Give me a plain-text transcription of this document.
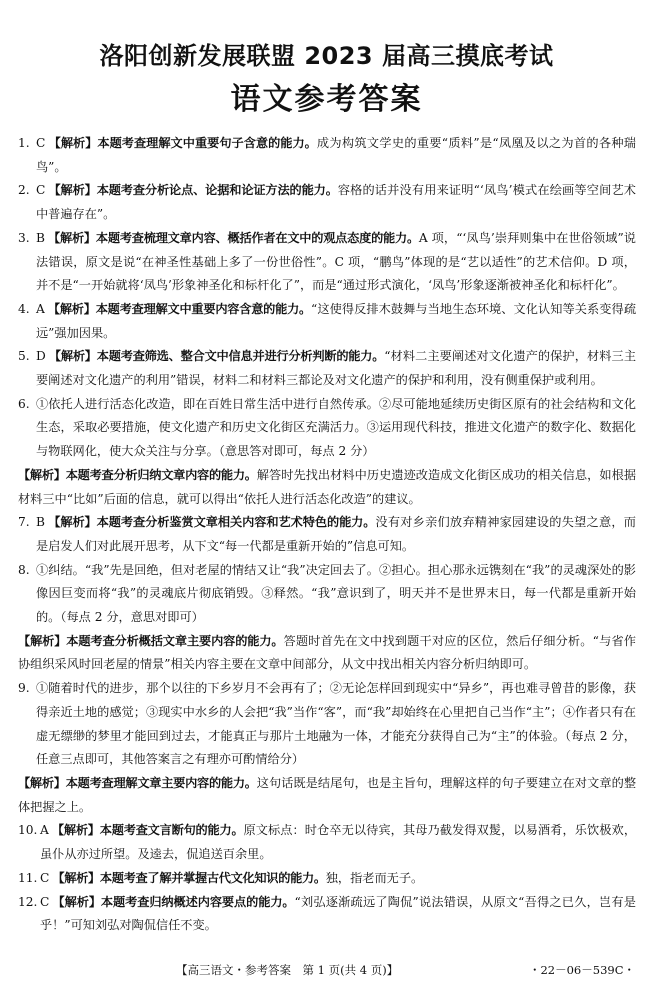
洛阳创新发展联盟 2023 届高三摸底考试
语文参考答案
1. C 【解析】本题考查理解文中重要句子含意的能力。成为构筑文学史的重要“质料”是“凤凰及以之为首的各种瑞鸟”。
2. C 【解析】本题考查分析论点、论据和论证方法的能力。容格的话并没有用来证明“‘凤鸟’模式在绘画等空间艺术中普遍存在”。
3. B 【解析】本题考查梳理文章内容、概括作者在文中的观点态度的能力。A 项，“‘凤鸟’崇拜则集中在世俗领域”说法错误，原文是说“在神圣性基础上多了一份世俗性”。C 项，“鹏鸟”体现的是“艺以适性”的艺术信仰。D 项，并不是“一开始就将‘凤鸟’形象神圣化和标杆化了”，而是“通过形式演化，‘凤鸟’形象逐渐被神圣化和标杆化”。
4. A 【解析】本题考查理解文中重要内容含意的能力。“这使得反排木鼓舞与当地生态环境、文化认知等关系变得疏远”强加因果。
5. D 【解析】本题考查筛选、整合文中信息并进行分析判断的能力。“材料二主要阐述对文化遗产的保护，材料三主要阐述对文化遗产的利用”错误，材料二和材料三都论及对文化遗产的保护和利用，没有侧重保护或利用。
6. ①依托人进行活态化改造，即在百姓日常生活中进行自然传承。②尽可能地延续历史街区原有的社会结构和文化生态，采取必要措施，使文化遗产和历史文化街区充满活力。③运用现代科技，推进文化遗产的数字化、数据化与物联网化，使大众关注与分享。（意思答对即可，每点 2 分）
【解析】本题考查分析归纳文章内容的能力。解答时先找出材料中历史遗迹改造成文化街区成功的相关信息，如根据材料三中“比如”后面的信息，就可以得出“依托人进行活态化改造”的建议。
7. B 【解析】本题考查分析鉴赏文章相关内容和艺术特色的能力。没有对乡亲们放弃精神家园建设的失望之意，而是启发人们对此展开思考，从下文“每一代都是重新开始的”信息可知。
8. ①纠结。“我”先是回绝，但对老屋的情结又让“我”决定回去了。②担心。担心那永远镌刻在“我”的灵魂深处的影像因巨变而将“我”的灵魂底片彻底销毁。③释然。“我”意识到了，明天并不是世界末日，每一代都是重新开始的。（每点 2 分，意思对即可）
【解析】本题考查分析概括文章主要内容的能力。答题时首先在文中找到题干对应的区位，然后仔细分析。“与省作协组织采风时回老屋的情景”相关内容主要在文章中间部分，从文中找出相关内容分析归纳即可。
9. ①随着时代的进步，那个以往的下乡岁月不会再有了；②无论怎样回到现实中“异乡”，再也难寻曾昔的影像，获得亲近土地的感觉；③现实中水乡的人会把“我”当作“客”，而“我”却始终在心里把自己当作“主”；④作者只有在虚无缥缈的梦里才能回到过去，才能真正与那片土地融为一体，才能充分获得自己为“主”的体验。（每点 2 分，任意三点即可，其他答案言之有理亦可酌情给分）
【解析】本题考查理解文章主要内容的能力。这句话既是结尾句，也是主旨句，理解这样的句子要建立在对文章的整体把握之上。
10. A 【解析】本题考查文言断句的能力。原文标点：时仓卒无以待宾，其母乃截发得双髲，以易酒肴，乐饮极欢，虽仆从亦过所望。及逵去，侃追送百余里。
11. C 【解析】本题考查了解并掌握古代文化知识的能力。独，指老而无子。
12. C 【解析】本题考查归纳概述内容要点的能力。“刘弘逐渐疏远了陶侃”说法错误，从原文“吾得之已久，岂有是乎！”可知刘弘对陶侃信任不变。
【高三语文・参考答案　第 1 页(共 4 页)】	・22－06－539C・
